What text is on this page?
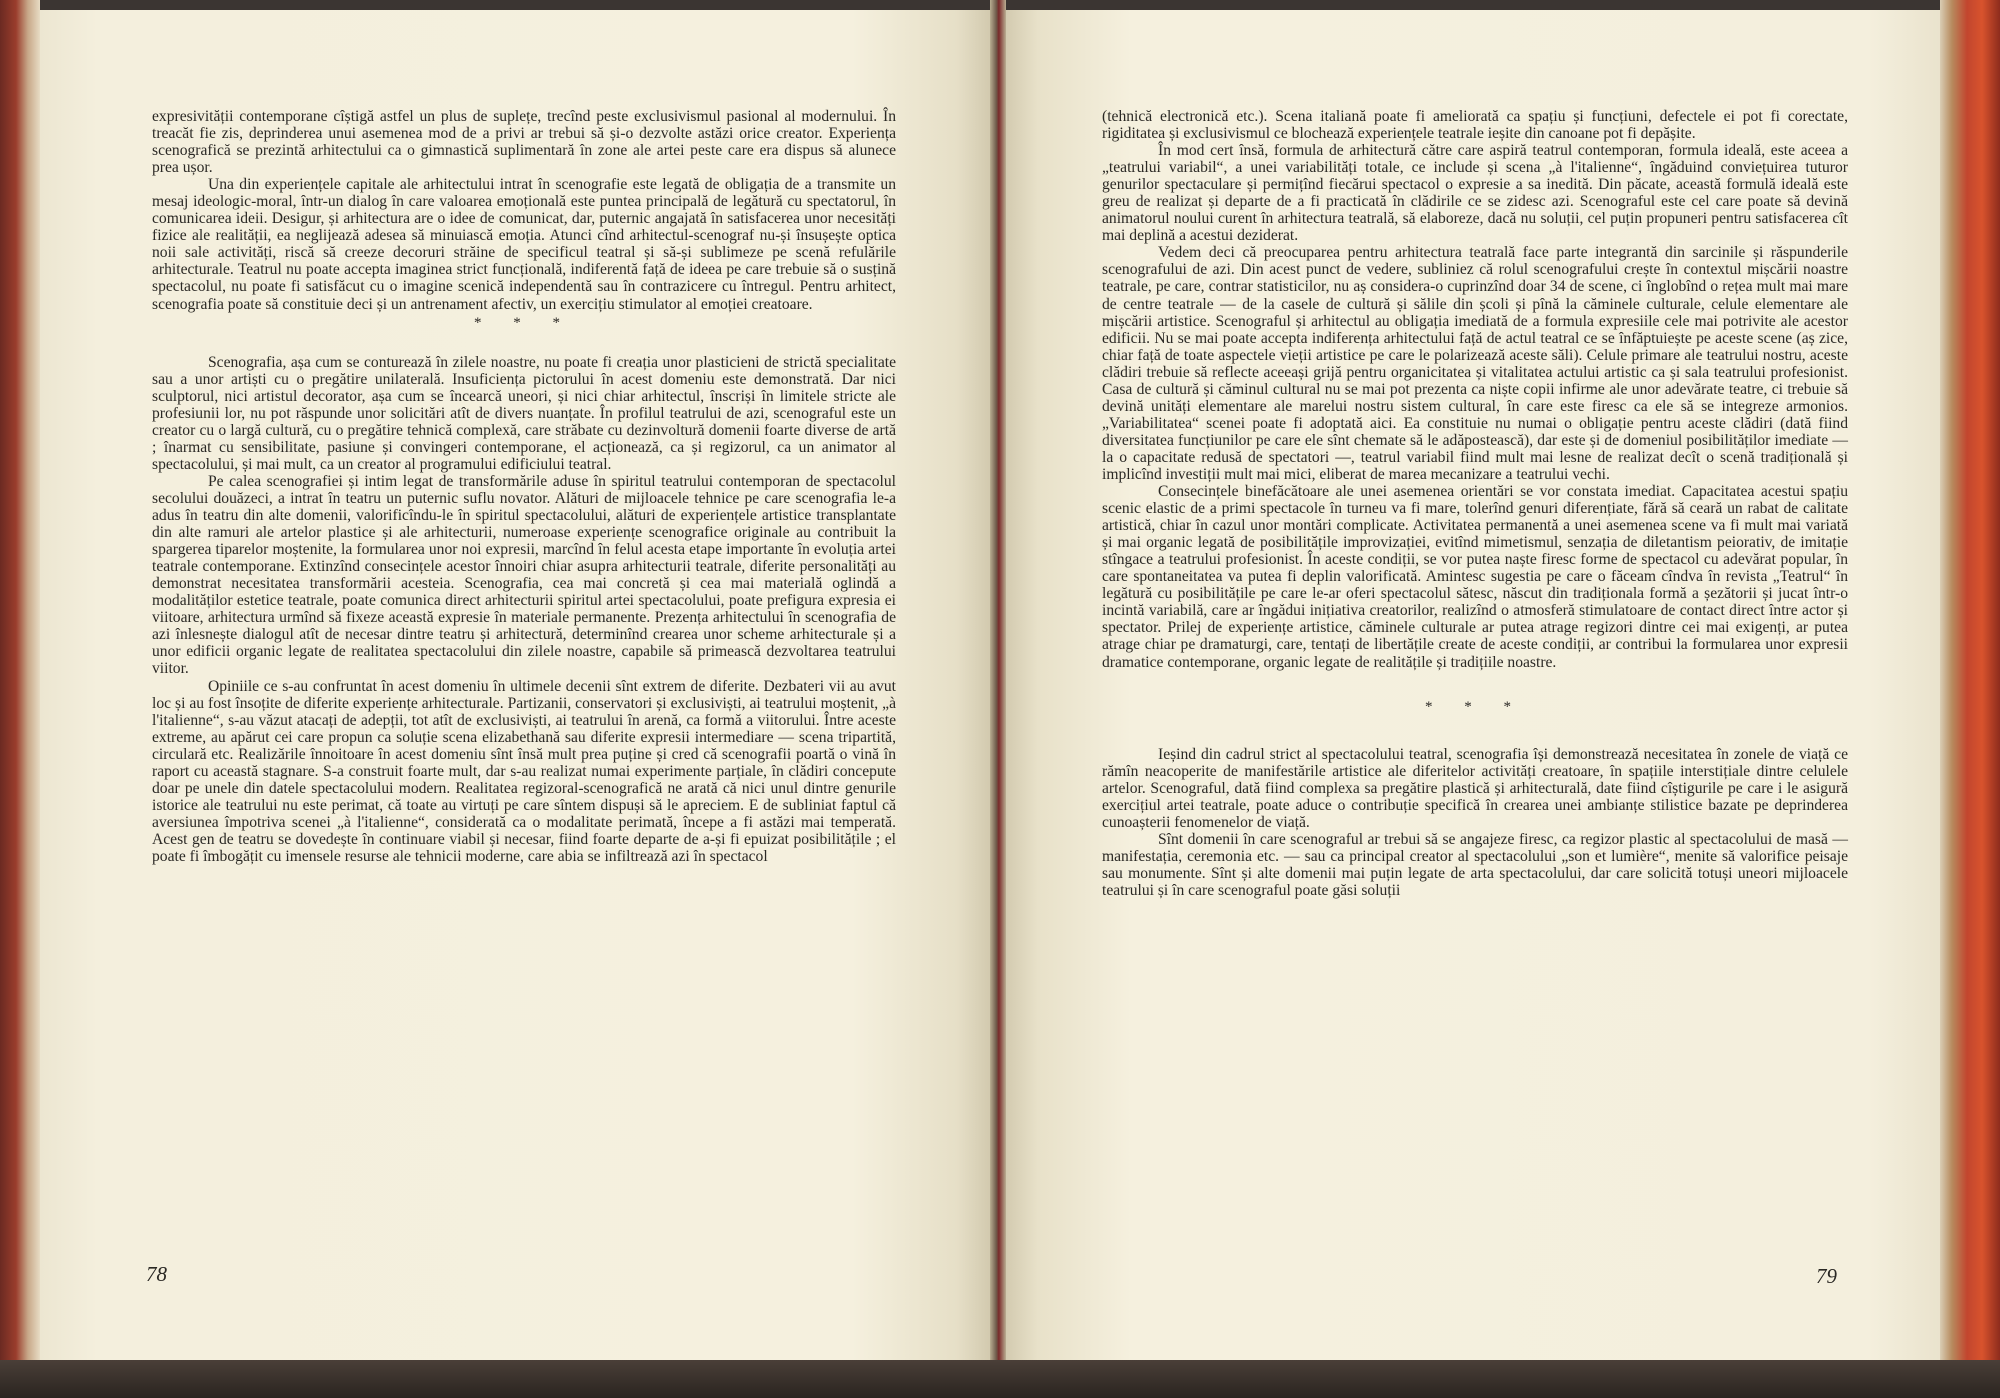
expresivității contemporane cîștigă astfel un plus de suplețe, trecînd peste exclusivismul pasional al modernului. În treacăt fie zis, deprinderea unui asemenea mod de a privi ar trebui să și-o dezvolte astăzi orice creator. Experiența scenografică se prezintă arhitectului ca o gimnastică suplimentară în zone ale artei peste care era dispus să alunece prea ușor.

Una din experiențele capitale ale arhitectului intrat în scenografie este legată de obligația de a transmite un mesaj ideologic-moral, într-un dialog în care valoarea emoțională este puntea principală de legătură cu spectatorul, în comunicarea ideii. Desigur, și arhitectura are o idee de comunicat, dar, puternic angajată în satisfacerea unor necesități fizice ale realității, ea neglijează adesea să minuiască emoția. Atunci cînd arhitectul-scenograf nu-și însușește optica noii sale activități, riscă să creeze decoruri străine de specificul teatral și să-și sublimeze pe scenă refulările arhitecturale. Teatrul nu poate accepta imaginea strict funcțională, indiferentă față de ideea pe care trebuie să o susțină spectacolul, nu poate fi satisfăcut cu o imagine scenică independentă sau în contrazicere cu întregul. Pentru arhitect, scenografia poate să constituie deci și un antrenament afectiv, un exercițiu stimulator al emoției creatoare.

* * *

Scenografia, așa cum se conturează în zilele noastre, nu poate fi creația unor plasticieni de strictă specialitate sau a unor artiști cu o pregătire unilaterală. Insuficiența pictorului în acest domeniu este demonstrată. Dar nici sculptorul, nici artistul decorator, așa cum se încearcă uneori, și nici chiar arhitectul, înscriși în limitele stricte ale profesiunii lor, nu pot răspunde unor solicitări atît de divers nuanțate. În profilul teatrului de azi, scenograful este un creator cu o largă cultură, cu o pregătire tehnică complexă, care străbate cu dezinvoltură domenii foarte diverse de artă ; înarmat cu sensibilitate, pasiune și convingeri contemporane, el acționează, ca și regizorul, ca un animator al spectacolului, și mai mult, ca un creator al programului edificiului teatral.

Pe calea scenografiei și intim legat de transformările aduse în spiritul teatrului contemporan de spectacolul secolului douăzeci, a intrat în teatru un puternic suflu novator. Alături de mijloacele tehnice pe care scenografia le-a adus în teatru din alte domenii, valorificîndu-le în spiritul spectacolului, alături de experiențele artistice transplantate din alte ramuri ale artelor plastice și ale arhitecturii, numeroase experiențe scenografice originale au contribuit la spargerea tiparelor moștenite, la formularea unor noi expresii, marcînd în felul acesta etape importante în evoluția artei teatrale contemporane. Extinzînd consecințele acestor înnoiri chiar asupra arhitecturii teatrale, diferite personalități au demonstrat necesitatea transformării acesteia. Scenografia, cea mai concretă și cea mai materială oglindă a modalităților estetice teatrale, poate comunica direct arhitecturii spiritul artei spectacolului, poate prefigura expresia ei viitoare, arhitectura urmînd să fixeze această expresie în materiale permanente. Prezența arhitectului în scenografia de azi înlesnește dialogul atît de necesar dintre teatru și arhitectură, determinînd crearea unor scheme arhitecturale și a unor edificii organic legate de realitatea spectacolului din zilele noastre, capabile să primească dezvoltarea teatrului viitor.

Opiniile ce s-au confruntat în acest domeniu în ultimele decenii sînt extrem de diferite. Dezbateri vii au avut loc și au fost însoțite de diferite experiențe arhitecturale. Partizanii, conservatori și exclusiviști, ai teatrului moștenit, „à l'italienne“, s-au văzut atacați de adepții, tot atît de exclusiviști, ai teatrului în arenă, ca formă a viitorului. Între aceste extreme, au apărut cei care propun ca soluție scena elizabethană sau diferite expresii intermediare — scena tripartită, circulară etc. Realizările înnoitoare în acest domeniu sînt însă mult prea puține și cred că scenografii poartă o vină în raport cu această stagnare. S-a construit foarte mult, dar s-au realizat numai experimente parțiale, în clădiri concepute doar pe unele din datele spectacolului modern. Realitatea regizoral-scenografică ne arată că nici unul dintre genurile istorice ale teatrului nu este perimat, că toate au virtuți pe care sîntem dispuși să le apreciem. E de subliniat faptul că aversiunea împotriva scenei „à l'italienne“, considerată ca o modalitate perimată, începe a fi astăzi mai temperată. Acest gen de teatru se dovedește în continuare viabil și necesar, fiind foarte departe de a-și fi epuizat posibilitățile ; el poate fi îmbogățit cu imensele resurse ale tehnicii moderne, care abia se infiltrează azi în spectacol

78

(tehnică electronică etc.). Scena italiană poate fi ameliorată ca spațiu și funcțiuni, defectele ei pot fi corectate, rigiditatea și exclusivismul ce blochează experiențele teatrale ieșite din canoane pot fi depășite.

În mod cert însă, formula de arhitectură către care aspiră teatrul contemporan, formula ideală, este aceea a „teatrului variabil“, a unei variabilități totale, ce include și scena „à l'italienne“, îngăduind conviețuirea tuturor genurilor spectaculare și permițînd fiecărui spectacol o expresie a sa inedită. Din păcate, această formulă ideală este greu de realizat și departe de a fi practicată în clădirile ce se zidesc azi. Scenograful este cel care poate să devină animatorul noului curent în arhitectura teatrală, să elaboreze, dacă nu soluții, cel puțin propuneri pentru satisfacerea cît mai deplină a acestui deziderat.

Vedem deci că preocuparea pentru arhitectura teatrală face parte integrantă din sarcinile și răspunderile scenografului de azi. Din acest punct de vedere, subliniez că rolul scenografului crește în contextul mișcării noastre teatrale, pe care, contrar statisticilor, nu aș considera-o cuprinzînd doar 34 de scene, ci înglobînd o rețea mult mai mare de centre teatrale — de la casele de cultură și sălile din școli și pînă la căminele culturale, celule elementare ale mișcării artistice. Scenograful și arhitectul au obligația imediată de a formula expresiile cele mai potrivite ale acestor edificii. Nu se mai poate accepta indiferența arhitectului față de actul teatral ce se înfăptuiește pe aceste scene (aș zice, chiar față de toate aspectele vieții artistice pe care le polarizează aceste săli). Celule primare ale teatrului nostru, aceste clădiri trebuie să reflecte aceeași grijă pentru organicitatea și vitalitatea actului artistic ca și sala teatrului profesionist. Casa de cultură și căminul cultural nu se mai pot prezenta ca niște copii infirme ale unor adevărate teatre, ci trebuie să devină unități elementare ale marelui nostru sistem cultural, în care este firesc ca ele să se integreze armonios. „Variabilitatea“ scenei poate fi adoptată aici. Ea constituie nu numai o obligație pentru aceste clădiri (dată fiind diversitatea funcțiunilor pe care ele sînt chemate să le adăpostească), dar este și de domeniul posibilităților imediate — la o capacitate redusă de spectatori —, teatrul variabil fiind mult mai lesne de realizat decît o scenă tradițională și implicînd investiții mult mai mici, eliberat de marea mecanizare a teatrului vechi.

Consecințele binefăcătoare ale unei asemenea orientări se vor constata imediat. Capacitatea acestui spațiu scenic elastic de a primi spectacole în turneu va fi mare, tolerînd genuri diferențiate, fără să ceară un rabat de calitate artistică, chiar în cazul unor montări complicate. Activitatea permanentă a unei asemenea scene va fi mult mai variată și mai organic legată de posibilitățile improvizației, evitînd mimetismul, senzația de diletantism peiorativ, de imitație stîngace a teatrului profesionist. În aceste condiții, se vor putea naște firesc forme de spectacol cu adevărat popular, în care spontaneitatea va putea fi deplin valorificată. Amintesc sugestia pe care o făceam cîndva în revista „Teatrul“ în legătură cu posibilitățile pe care le-ar oferi spectacolul sătesc, născut din tradiționala formă a șezătorii și jucat într-o incintă variabilă, care ar îngădui inițiativa creatorilor, realizînd o atmosferă stimulatoare de contact direct între actor și spectator. Prilej de experiențe artistice, căminele culturale ar putea atrage regizori dintre cei mai exigenți, ar putea atrage chiar pe dramaturgi, care, tentați de libertățile create de aceste condiții, ar contribui la formularea unor expresii dramatice contemporane, organic legate de realitățile și tradițiile noastre.

* * *

Ieșind din cadrul strict al spectacolului teatral, scenografia își demonstrează necesitatea în zonele de viață ce rămîn neacoperite de manifestările artistice ale diferitelor activități creatoare, în spațiile interstițiale dintre celulele artelor. Scenograful, dată fiind complexa sa pregătire plastică și arhitecturală, date fiind cîștigurile pe care i le asigură exercițiul artei teatrale, poate aduce o contribuție specifică în crearea unei ambianțe stilistice bazate pe deprinderea cunoașterii fenomenelor de viață.

Sînt domenii în care scenograful ar trebui să se angajeze firesc, ca regizor plastic al spectacolului de masă — manifestația, ceremonia etc. — sau ca principal creator al spectacolului „son et lumière“, menite să valorifice peisaje sau monumente. Sînt și alte domenii mai puțin legate de arta spectacolului, dar care solicită totuși uneori mijloacele teatrului și în care scenograful poate găsi soluții

79
